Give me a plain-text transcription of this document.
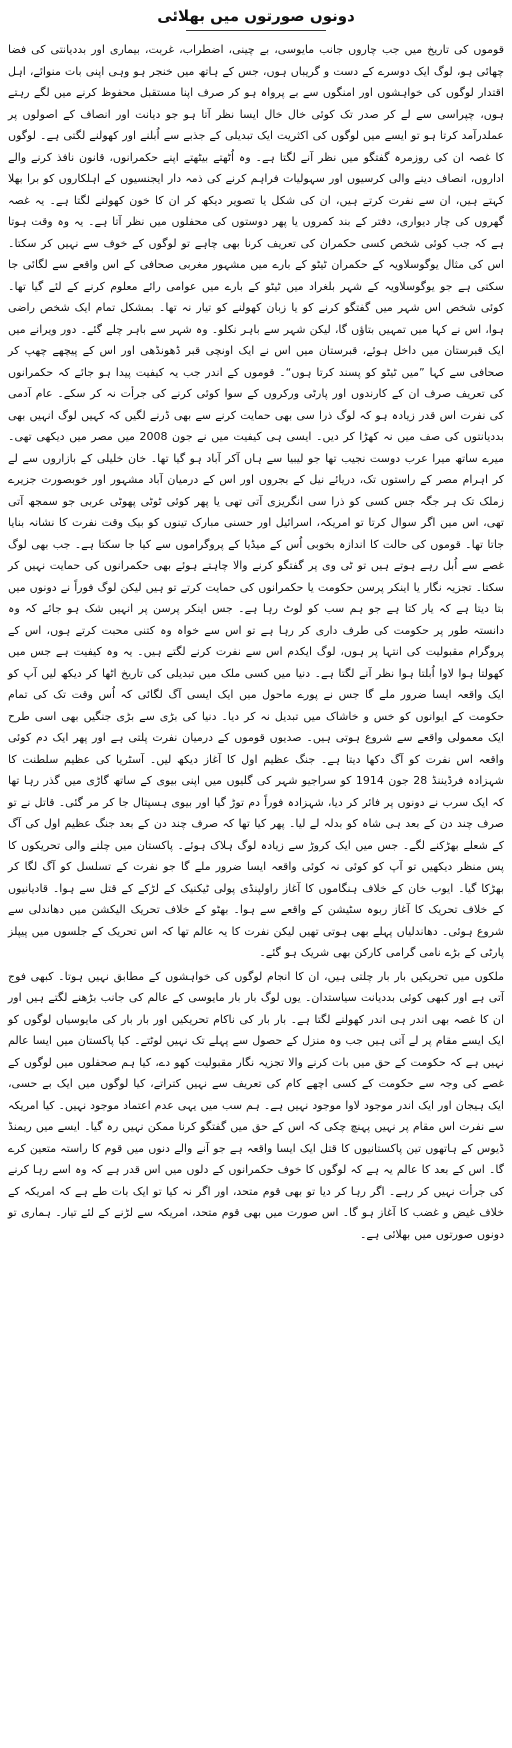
دونوں صورتوں میں بھلائی

قوموں کی تاریخ میں جب چاروں جانب مایوسی، بے چینی، اضطراب، غربت، بیماری اور بددیانتی کی فضا چھائی ہو، لوگ ایک دوسرے کے دست و گریباں ہوں، جس کے ہاتھ میں خنجر ہو وہی اپنی بات منوائے، اہل اقتدار لوگوں کی خواہشوں اور امنگوں سے بے پرواہ ہو کر صرف اپنا مستقبل محفوظ کرنے میں لگے رہتے ہوں، چپراسی سے لے کر صدر تک کوئی خال خال ایسا نظر آتا ہو جو دیانت اور انصاف کے اصولوں پر عملدرآمد کرتا ہو تو ایسے میں لوگوں کی اکثریت ایک تبدیلی کے جذبے سے اُبلنے اور کھولنے لگتی ہے۔ لوگوں کا غصہ ان کی روزمرہ گفتگو میں نظر آنے لگتا ہے۔ وہ اُٹھتے بیٹھتے اپنے حکمرانوں، قانون نافذ کرنے والے اداروں، انصاف دینے والی کرسیوں اور سہولیات فراہم کرنے کی ذمہ دار ایجنسیوں کے اہلکاروں کو برا بھلا کہتے ہیں، ان سے نفرت کرتے ہیں، ان کی شکل یا تصویر دیکھ کر ان کا خون کھولنے لگتا ہے۔ یہ غصہ گھروں کی چار دیواری، دفتر کے بند کمروں یا پھر دوستوں کی محفلوں میں نظر آتا ہے۔ یہ وہ وقت ہوتا ہے کہ جب کوئی شخص کسی حکمران کی تعریف کرنا بھی چاہے تو لوگوں کے خوف سے نہیں کر سکتا۔ اس کی مثال یوگوسلاویہ کے حکمران ٹیٹو کے بارے میں مشہور مغربی صحافی کے اس واقعے سے لگائی جا سکتی ہے جو یوگوسلاویہ کے شہر بلغراد میں ٹیٹو کے بارے میں عوامی رائے معلوم کرنے کے لئے گیا تھا۔ کوئی شخص اس شہر میں گفتگو کرنے کو یا زبان کھولنے کو تیار نہ تھا۔ بمشکل تمام ایک شخص راضی ہوا، اس نے کہا میں تمہیں بتاؤں گا، لیکن شہر سے باہر نکلو۔ وہ شہر سے باہر چلے گئے۔ دور ویرانے میں ایک قبرستان میں داخل ہوئے، قبرستان میں اس نے ایک اونچی قبر ڈھونڈھی اور اس کے پیچھے چھپ کر صحافی سے کہا ”میں ٹیٹو کو پسند کرتا ہوں“۔ قوموں کے اندر جب یہ کیفیت پیدا ہو جائے کہ حکمرانوں کی تعریف صرف ان کے کارندوں اور پارٹی ورکروں کے سوا کوئی کرنے کی جرأت نہ کر سکے۔ عام آدمی کی نفرت اس قدر زیادہ ہو کہ لوگ ذرا سی بھی حمایت کرنے سے بھی ڈرنے لگیں کہ کہیں لوگ انہیں بھی بددیانتوں کی صف میں نہ کھڑا کر دیں۔ ایسی ہی کیفیت میں نے جون 2008 میں مصر میں دیکھی تھی۔ میرے ساتھ میرا عرب دوست نجیب تھا جو لیبیا سے ہاں آکر آباد ہو گیا تھا۔ خان خلیلی کے بازاروں سے لے کر اہرام مصر کے راستوں تک، دریائے نیل کے بجروں اور اس کے درمیان آباد مشہور اور خوبصورت جزیرے زملک تک ہر جگہ جس کسی کو ذرا سی انگریزی آتی تھی یا پھر کوئی ٹوٹی پھوٹی عربی جو سمجھ آتی تھی، اس میں اگر سوال کرتا تو امریکہ، اسرائیل اور حسنی مبارک تینوں کو بیک وقت نفرت کا نشانہ بنایا جاتا تھا۔ قوموں کی حالت کا اندازہ بخوبی اُس کے میڈیا کے پروگراموں سے کیا جا سکتا ہے۔ جب بھی لوگ غصے سے اُبل رہے ہوتے ہیں تو ٹی وی پر گفتگو کرنے والا چاہتے ہوئے بھی حکمرانوں کی حمایت نہیں کر سکتا۔ تجزیہ نگار یا اینکر پرسن حکومت یا حکمرانوں کی حمایت کرتے تو ہیں لیکن لوگ فوراً نے دونوں میں بتا دیتا ہے کہ یار کتا ہے جو ہم سب کو لوٹ رہا ہے۔ جس اینکر پرسن پر انہیں شک ہو جائے کہ وہ دانستہ طور پر حکومت کی طرف داری کر رہا ہے تو اس سے خواہ وہ کتنی محبت کرتے ہوں، اس کے پروگرام مقبولیت کی انتہا پر ہوں، لوگ ایکدم اس سے نفرت کرنے لگتے ہیں۔ یہ وہ کیفیت ہے جس میں کھولتا ہوا لاوا اُبلتا ہوا نظر آنے لگتا ہے۔ دنیا میں کسی ملک میں تبدیلی کی تاریخ اٹھا کر دیکھ لیں آپ کو ایک واقعہ ایسا ضرور ملے گا جس نے پورے ماحول میں ایک ایسی آگ لگائی کہ اُس وقت تک کی تمام حکومت کے ایوانوں کو خس و خاشاک میں تبدیل نہ کر دیا۔ دنیا کی بڑی سے بڑی جنگیں بھی اسی طرح ایک معمولی واقعے سے شروع ہوتی ہیں۔ صدیوں قوموں کے درمیان نفرت پلتی ہے اور پھر ایک دم کوئی واقعہ اس نفرت کو آگ دکھا دیتا ہے۔ جنگ عظیم اول کا آغاز دیکھ لیں۔ آسٹریا کی عظیم سلطنت کا شہزادہ فرڈیننڈ 28 جون 1914 کو سراجیو شہر کی گلیوں میں اپنی بیوی کے ساتھ گاڑی میں گذر رہا تھا کہ ایک سرب نے دونوں پر فائر کر دیا، شہزادہ فوراً دم توڑ گیا اور بیوی ہسپتال جا کر مر گئی۔ قاتل نے تو صرف چند دن کے بعد ہی شاہ کو بدلہ لے لیا۔ پھر کیا تھا کہ صرف چند دن کے بعد جنگ عظیم اول کی آگ کے شعلے بھڑکنے لگے۔ جس میں ایک کروڑ سے زیادہ لوگ ہلاک ہوئے۔ پاکستان میں چلنے والی تحریکوں کا پس منظر دیکھیں تو آپ کو کوئی نہ کوئی واقعہ ایسا ضرور ملے گا جو نفرت کے تسلسل کو آگ لگا کر بھڑکا گیا۔ ایوب خان کے خلاف ہنگاموں کا آغاز راولپنڈی پولی ٹیکنیک کے لڑکے کے قتل سے ہوا۔ قادیانیوں کے خلاف تحریک کا آغاز ربوہ سٹیشن کے واقعے سے ہوا۔ بھٹو کے خلاف تحریک الیکشن میں دھاندلی سے شروع ہوئی۔ دھاندلیاں پہلے بھی ہوتی تھیں لیکن نفرت کا یہ عالم تھا کہ اس تحریک کے جلسوں میں پیپلز پارٹی کے بڑے نامی گرامی کارکن بھی شریک ہو گئے۔

ملکوں میں تحریکیں بار بار چلتی ہیں، ان کا انجام لوگوں کی خواہشوں کے مطابق نہیں ہوتا۔ کبھی فوج آتی ہے اور کبھی کوئی بددیانت سیاستدان۔ یوں لوگ بار بار مایوسی کے عالم کی جانب بڑھنے لگتے ہیں اور ان کا غصہ بھی اندر ہی اندر کھولنے لگتا ہے۔ بار بار کی ناکام تحریکیں اور بار بار کی مایوسیاں لوگوں کو ایک ایسے مقام پر لے آتی ہیں جب وہ منزل کے حصول سے پہلے تک نہیں لوٹتے۔ کیا پاکستان میں ایسا عالم نہیں ہے کہ حکومت کے حق میں بات کرنے والا تجزیہ نگار مقبولیت کھو دے، کیا ہم صحفلوں میں لوگوں کے غصے کی وجہ سے حکومت کے کسی اچھے کام کی تعریف سے نہیں کتراتے، کیا لوگوں میں ایک بے حسی، ایک ہیجان اور ایک اندر موجود لاوا موجود نہیں ہے۔ ہم سب میں یہی عدم اعتماد موجود نہیں۔ کیا امریکہ سے نفرت اس مقام پر نہیں پہنچ چکی کہ اس کے حق میں گفتگو کرنا ممکن نہیں رہ گیا۔ ایسے میں ریمنڈ ڈیوس کے ہاتھوں تین پاکستانیوں کا قتل ایک ایسا واقعہ ہے جو آنے والے دنوں میں قوم کا راستہ متعین کرے گا۔ اس کے بعد کا عالم یہ ہے کہ لوگوں کا خوف حکمرانوں کے دلوں میں اس قدر ہے کہ وہ اسے رہا کرنے کی جرأت نہیں کر رہے۔ اگر رہا کر دیا تو بھی قوم متحد، اور اگر نہ کیا تو ایک بات طے ہے کہ امریکہ کے خلاف غیض و غضب کا آغاز ہو گا۔ اس صورت میں بھی قوم متحد، امریکہ سے لڑنے کے لئے تیار۔ ہماری تو دونوں صورتوں میں بھلائی ہے۔
